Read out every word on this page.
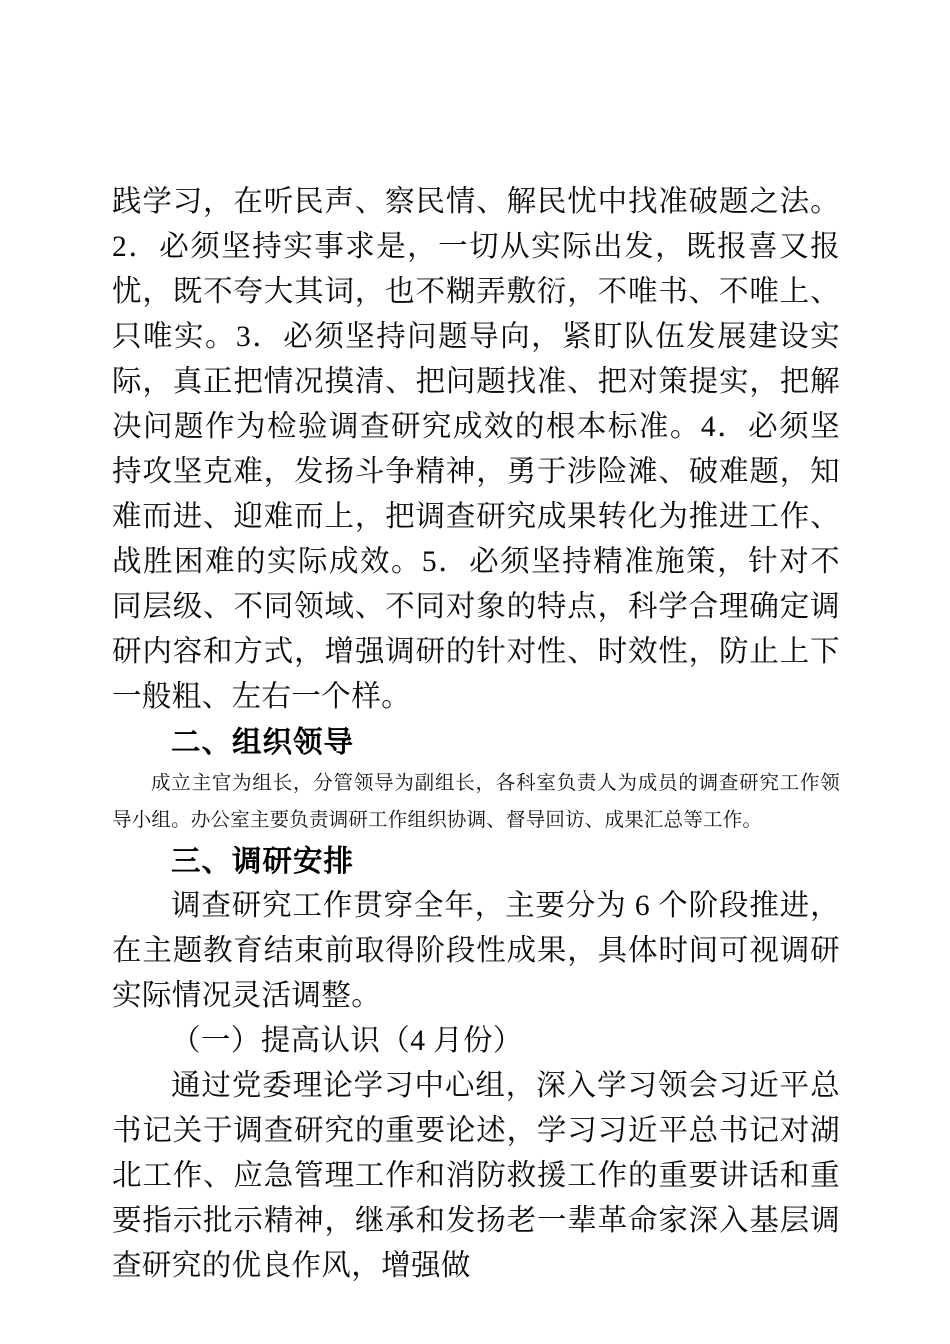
践学习，在听民声、察民情、解民忧中找准破题之法。2．必须坚持实事求是，一切从实际出发，既报喜又报忧，既不夸大其词，也不糊弄敷衍，不唯书、不唯上、只唯实。3．必须坚持问题导向，紧盯队伍发展建设实际，真正把情况摸清、把问题找准、把对策提实，把解决问题作为检验调查研究成效的根本标准。4．必须坚持攻坚克难，发扬斗争精神，勇于涉险滩、破难题，知难而进、迎难而上，把调查研究成果转化为推进工作、战胜困难的实际成效。5．必须坚持精准施策，针对不同层级、不同领域、不同对象的特点，科学合理确定调研内容和方式，增强调研的针对性、时效性，防止上下一般粗、左右一个样。

二、组织领导

成立主官为组长，分管领导为副组长，各科室负责人为成员的调查研究工作领导小组。办公室主要负责调研工作组织协调、督导回访、成果汇总等工作。

三、调研安排

调查研究工作贯穿全年，主要分为 6 个阶段推进，在主题教育结束前取得阶段性成果，具体时间可视调研实际情况灵活调整。

（一）提高认识（4 月份）

通过党委理论学习中心组，深入学习领会习近平总书记关于调查研究的重要论述，学习习近平总书记对湖北工作、应急管理工作和消防救援工作的重要讲话和重要指示批示精神，继承和发扬老一辈革命家深入基层调查研究的优良作风，增强做
